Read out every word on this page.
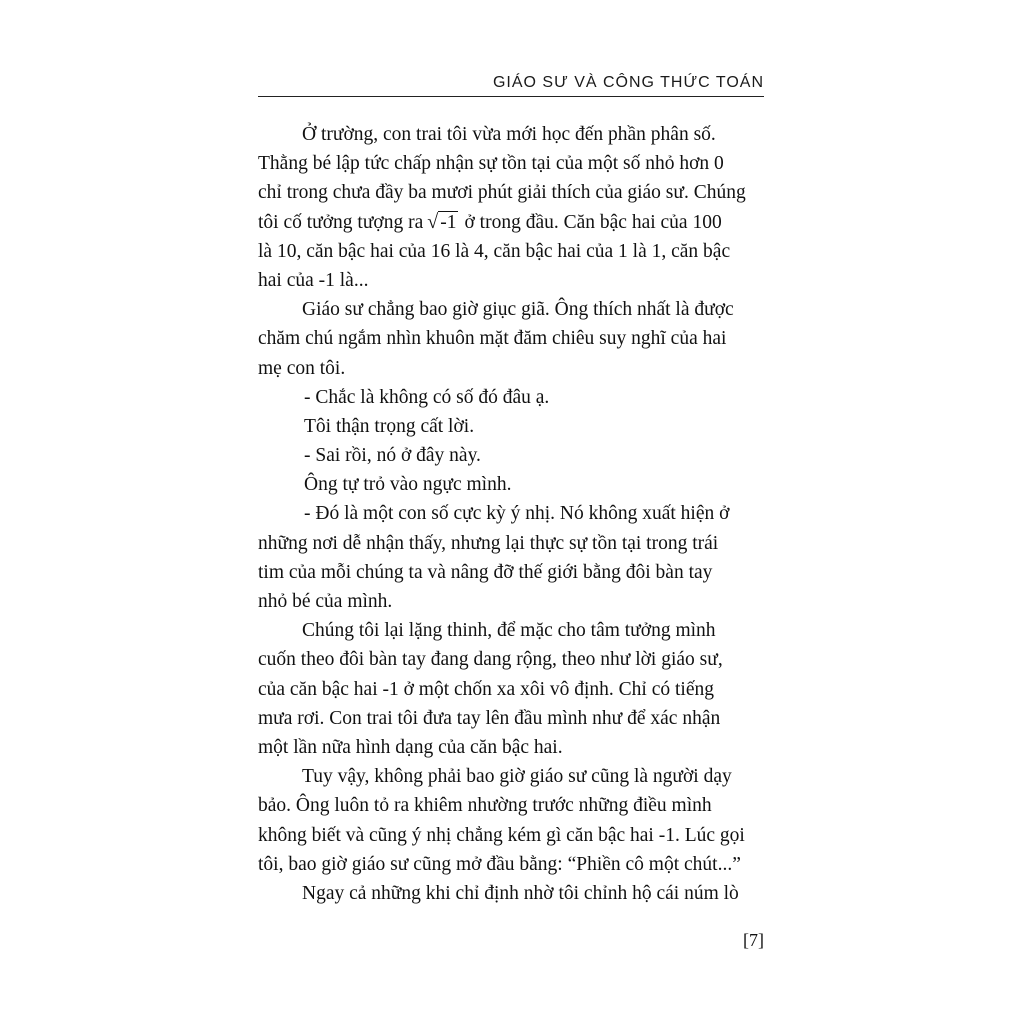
GIÁO SƯ VÀ CÔNG THỨC TOÁN
Ở trường, con trai tôi vừa mới học đến phần phân số.
Thằng bé lập tức chấp nhận sự tồn tại của một số nhỏ hơn 0
chỉ trong chưa đầy ba mươi phút giải thích của giáo sư. Chúng
tôi cố tưởng tượng ra √ -1 ở trong đầu. Căn bậc hai của 100
là 10, căn bậc hai của 16 là 4, căn bậc hai của 1 là 1, căn bậc
hai của -1 là...
Giáo sư chẳng bao giờ giục giã. Ông thích nhất là được
chăm chú ngắm nhìn khuôn mặt đăm chiêu suy nghĩ của hai
mẹ con tôi.
- Chắc là không có số đó đâu ạ.
Tôi thận trọng cất lời.
- Sai rồi, nó ở đây này.
Ông tự trỏ vào ngực mình.
- Đó là một con số cực kỳ ý nhị. Nó không xuất hiện ở
những nơi dễ nhận thấy, nhưng lại thực sự tồn tại trong trái
tim của mỗi chúng ta và nâng đỡ thế giới bằng đôi bàn tay
nhỏ bé của mình.
Chúng tôi lại lặng thinh, để mặc cho tâm tưởng mình
cuốn theo đôi bàn tay đang dang rộng, theo như lời giáo sư,
của căn bậc hai -1 ở một chốn xa xôi vô định. Chỉ có tiếng
mưa rơi. Con trai tôi đưa tay lên đầu mình như để xác nhận
một lần nữa hình dạng của căn bậc hai.
Tuy vậy, không phải bao giờ giáo sư cũng là người dạy
bảo. Ông luôn tỏ ra khiêm nhường trước những điều mình
không biết và cũng ý nhị chẳng kém gì căn bậc hai -1. Lúc gọi
tôi, bao giờ giáo sư cũng mở đầu bằng: “Phiền cô một chút...”
Ngay cả những khi chỉ định nhờ tôi chỉnh hộ cái núm lò
[7]
